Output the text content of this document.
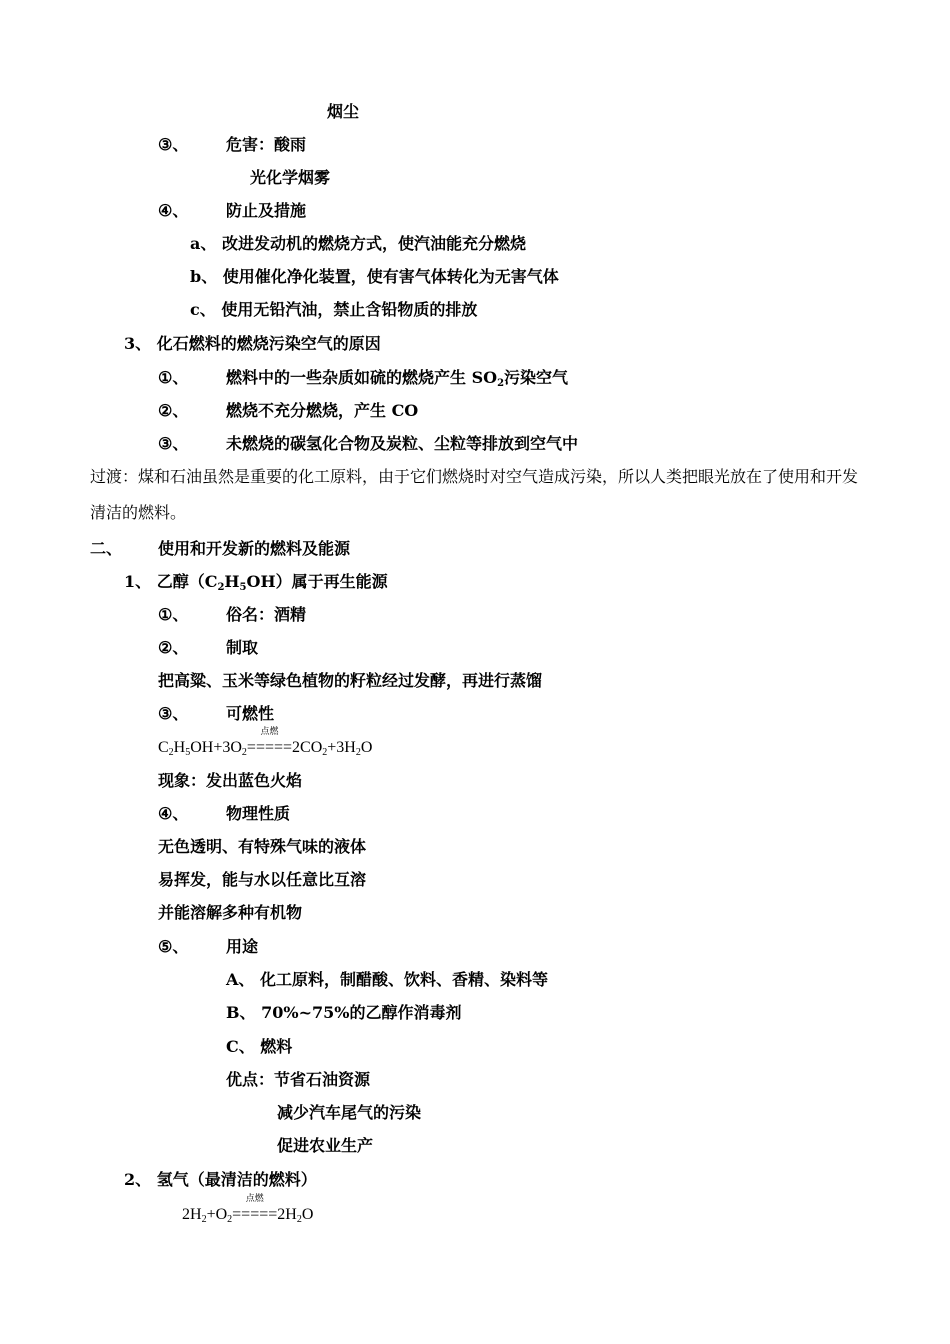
烟尘
③、 危害：酸雨
光化学烟雾
④、 防止及措施
a、 改进发动机的燃烧方式，使汽油能充分燃烧
b、 使用催化净化装置，使有害气体转化为无害气体
c、 使用无铅汽油，禁止含铅物质的排放
3、 化石燃料的燃烧污染空气的原因
①、 燃料中的一些杂质如硫的燃烧产生 $SO_2$污染空气
②、 燃烧不充分燃烧，产生 CO
③、 未燃烧的碳氢化合物及炭粒、尘粒等排放到空气中
过渡：煤和石油虽然是重要的化工原料，由于它们燃烧时对空气造成污染，所以人类把眼光放在了使用和开发清洁的燃料。
二、 使用和开发新的燃料及能源
1、 乙醇$(C_2H_5OH)$属于再生能源
①、 俗名：酒精
②、 制取
把高粱、玉米等绿色植物的籽粒经过发酵，再进行蒸馏
③、 可燃性
$C_2H_5OH+3O_2$
点燃
$=====2CO_2+3H_2O$
现象：发出蓝色火焰
④、 物理性质
无色透明、有特殊气味的液体
易挥发，能与水以任意比互溶
并能溶解多种有机物
⑤、 用途
A、 化工原料，制醋酸、饮料、香精、染料等
B、 70%~75%的乙醇作消毒剂
C、 燃料
优点：节省石油资源
减少汽车尾气的污染
促进农业生产
2、 氢气（最清洁的燃料）
$2H_2+O_2$
点燃
$=====2H_2O$
